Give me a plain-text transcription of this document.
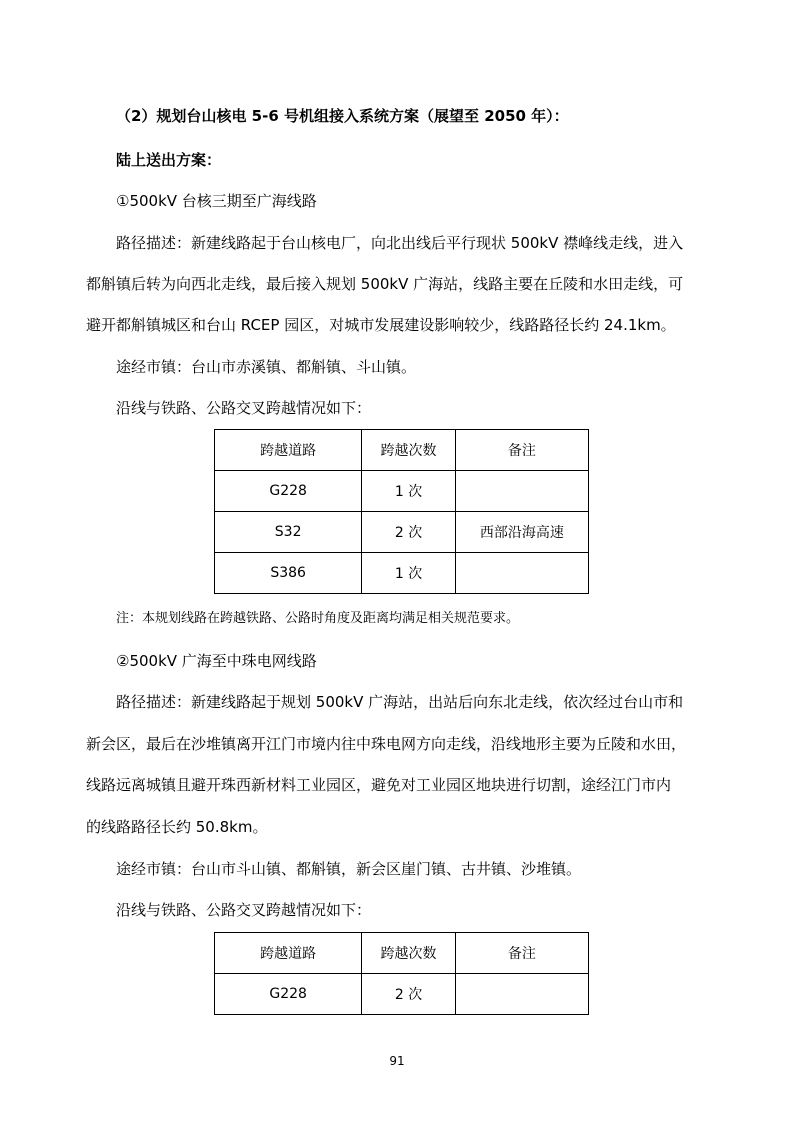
（2）规划台山核电 5-6 号机组接入系统方案（展望至 2050 年）：
陆上送出方案：
①500kV 台核三期至广海线路
路径描述：新建线路起于台山核电厂，向北出线后平行现状 500kV 襟峰线走线，进入
都斛镇后转为向西北走线，最后接入规划 500kV 广海站，线路主要在丘陵和水田走线，可
避开都斛镇城区和台山 RCEP 园区，对城市发展建设影响较少，线路路径长约 24.1km。
途经市镇：台山市赤溪镇、都斛镇、斗山镇。
沿线与铁路、公路交叉跨越情况如下：
跨越道路	跨越次数	备注
G228	1 次	
S32	2 次	西部沿海高速
S386	1 次	
注：本规划线路在跨越铁路、公路时角度及距离均满足相关规范要求。
②500kV 广海至中珠电网线路
路径描述：新建线路起于规划 500kV 广海站，出站后向东北走线，依次经过台山市和
新会区，最后在沙堆镇离开江门市境内往中珠电网方向走线，沿线地形主要为丘陵和水田，
线路远离城镇且避开珠西新材料工业园区，避免对工业园区地块进行切割，途经江门市内
的线路路径长约 50.8km。
途经市镇：台山市斗山镇、都斛镇，新会区崖门镇、古井镇、沙堆镇。
沿线与铁路、公路交叉跨越情况如下：
跨越道路	跨越次数	备注
G228	2 次	
91
